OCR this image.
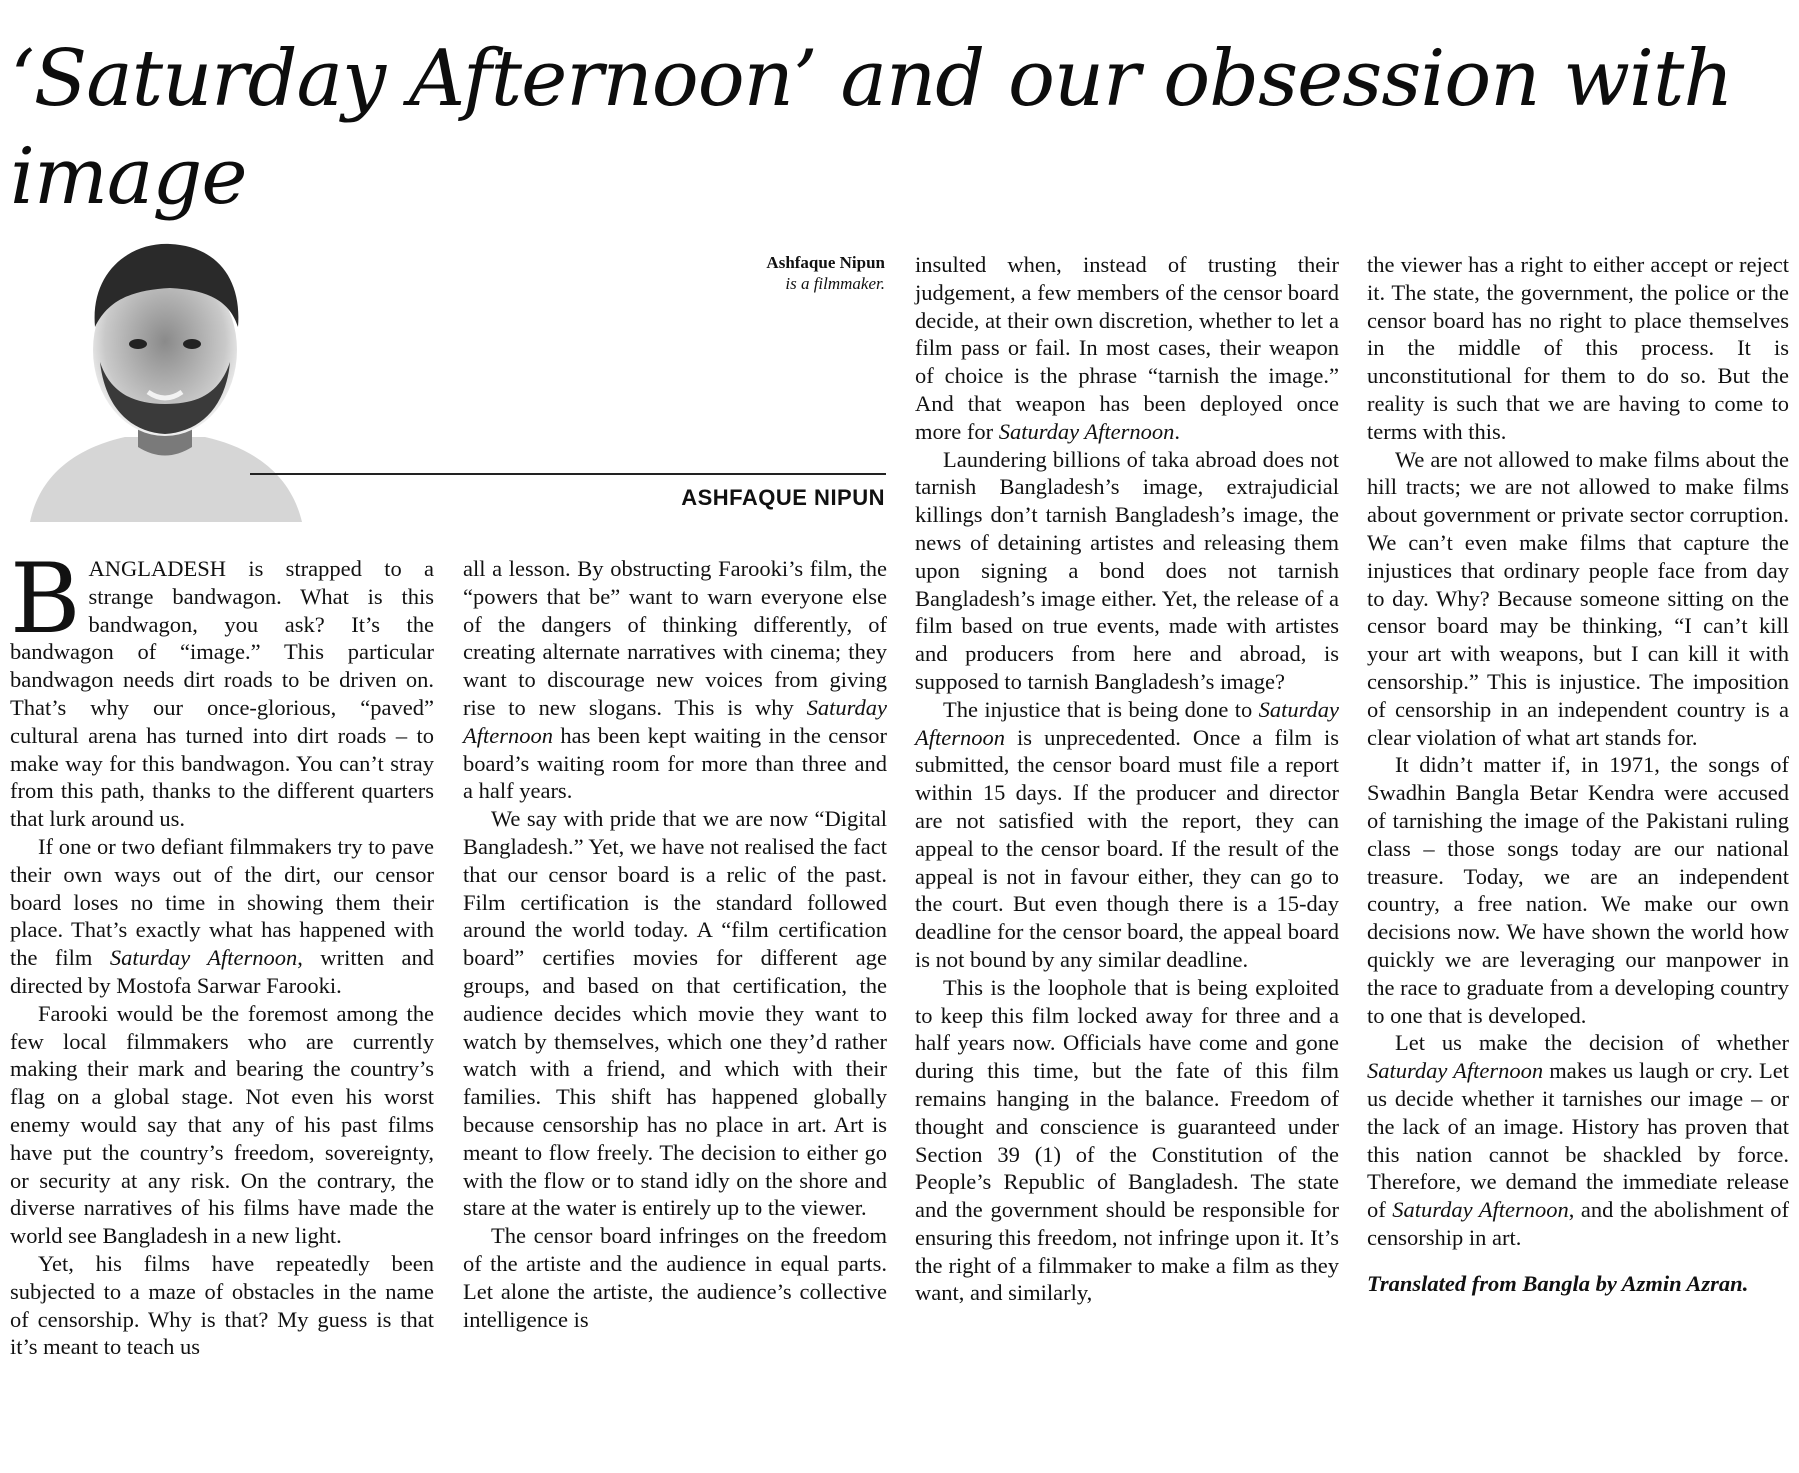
‘Saturday Afternoon’ and our obsession with image
Ashfaque Nipun
is a filmmaker.
ASHFAQUE NIPUN

BANGLADESH is strapped to a strange bandwagon. What is this bandwagon, you ask? It’s the bandwagon of “image.” This particular bandwagon needs dirt roads to be driven on. That’s why our once-glorious, “paved” cultural arena has turned into dirt roads – to make way for this bandwagon. You can’t stray from this path, thanks to the different quarters that lurk around us.

If one or two defiant filmmakers try to pave their own ways out of the dirt, our censor board loses no time in showing them their place. That’s exactly what has happened with the film Saturday Afternoon, written and directed by Mostofa Sarwar Farooki.

Farooki would be the foremost among the few local filmmakers who are currently making their mark and bearing the country’s flag on a global stage. Not even his worst enemy would say that any of his past films have put the country’s freedom, sovereignty, or security at any risk. On the contrary, the diverse narratives of his films have made the world see Bangladesh in a new light.

Yet, his films have repeatedly been subjected to a maze of obstacles in the name of censorship. Why is that? My guess is that it’s meant to teach us

all a lesson. By obstructing Farooki’s film, the “powers that be” want to warn everyone else of the dangers of thinking differently, of creating alternate narratives with cinema; they want to discourage new voices from giving rise to new slogans. This is why Saturday Afternoon has been kept waiting in the censor board’s waiting room for more than three and a half years.

We say with pride that we are now “Digital Bangladesh.” Yet, we have not realised the fact that our censor board is a relic of the past. Film certification is the standard followed around the world today. A “film certification board” certifies movies for different age groups, and based on that certification, the audience decides which movie they want to watch by themselves, which one they’d rather watch with a friend, and which with their families. This shift has happened globally because censorship has no place in art. Art is meant to flow freely. The decision to either go with the flow or to stand idly on the shore and stare at the water is entirely up to the viewer.

The censor board infringes on the freedom of the artiste and the audience in equal parts. Let alone the artiste, the audience’s collective intelligence is

insulted when, instead of trusting their judgement, a few members of the censor board decide, at their own discretion, whether to let a film pass or fail. In most cases, their weapon of choice is the phrase “tarnish the image.” And that weapon has been deployed once more for Saturday Afternoon.

Laundering billions of taka abroad does not tarnish Bangladesh’s image, extrajudicial killings don’t tarnish Bangladesh’s image, the news of detaining artistes and releasing them upon signing a bond does not tarnish Bangladesh’s image either. Yet, the release of a film based on true events, made with artistes and producers from here and abroad, is supposed to tarnish Bangladesh’s image?

The injustice that is being done to Saturday Afternoon is unprecedented. Once a film is submitted, the censor board must file a report within 15 days. If the producer and director are not satisfied with the report, they can appeal to the censor board. If the result of the appeal is not in favour either, they can go to the court. But even though there is a 15-day deadline for the censor board, the appeal board is not bound by any similar deadline.

This is the loophole that is being exploited to keep this film locked away for three and a half years now. Officials have come and gone during this time, but the fate of this film remains hanging in the balance. Freedom of thought and conscience is guaranteed under Section 39 (1) of the Constitution of the People’s Republic of Bangladesh. The state and the government should be responsible for ensuring this freedom, not infringe upon it. It’s the right of a filmmaker to make a film as they want, and similarly,

the viewer has a right to either accept or reject it. The state, the government, the police or the censor board has no right to place themselves in the middle of this process. It is unconstitutional for them to do so. But the reality is such that we are having to come to terms with this.

We are not allowed to make films about the hill tracts; we are not allowed to make films about government or private sector corruption. We can’t even make films that capture the injustices that ordinary people face from day to day. Why? Because someone sitting on the censor board may be thinking, “I can’t kill your art with weapons, but I can kill it with censorship.” This is injustice. The imposition of censorship in an independent country is a clear violation of what art stands for.

It didn’t matter if, in 1971, the songs of Swadhin Bangla Betar Kendra were accused of tarnishing the image of the Pakistani ruling class – those songs today are our national treasure. Today, we are an independent country, a free nation. We make our own decisions now. We have shown the world how quickly we are leveraging our manpower in the race to graduate from a developing country to one that is developed.

Let us make the decision of whether Saturday Afternoon makes us laugh or cry. Let us decide whether it tarnishes our image – or the lack of an image. History has proven that this nation cannot be shackled by force. Therefore, we demand the immediate release of Saturday Afternoon, and the abolishment of censorship in art.

Translated from Bangla by Azmin Azran.
